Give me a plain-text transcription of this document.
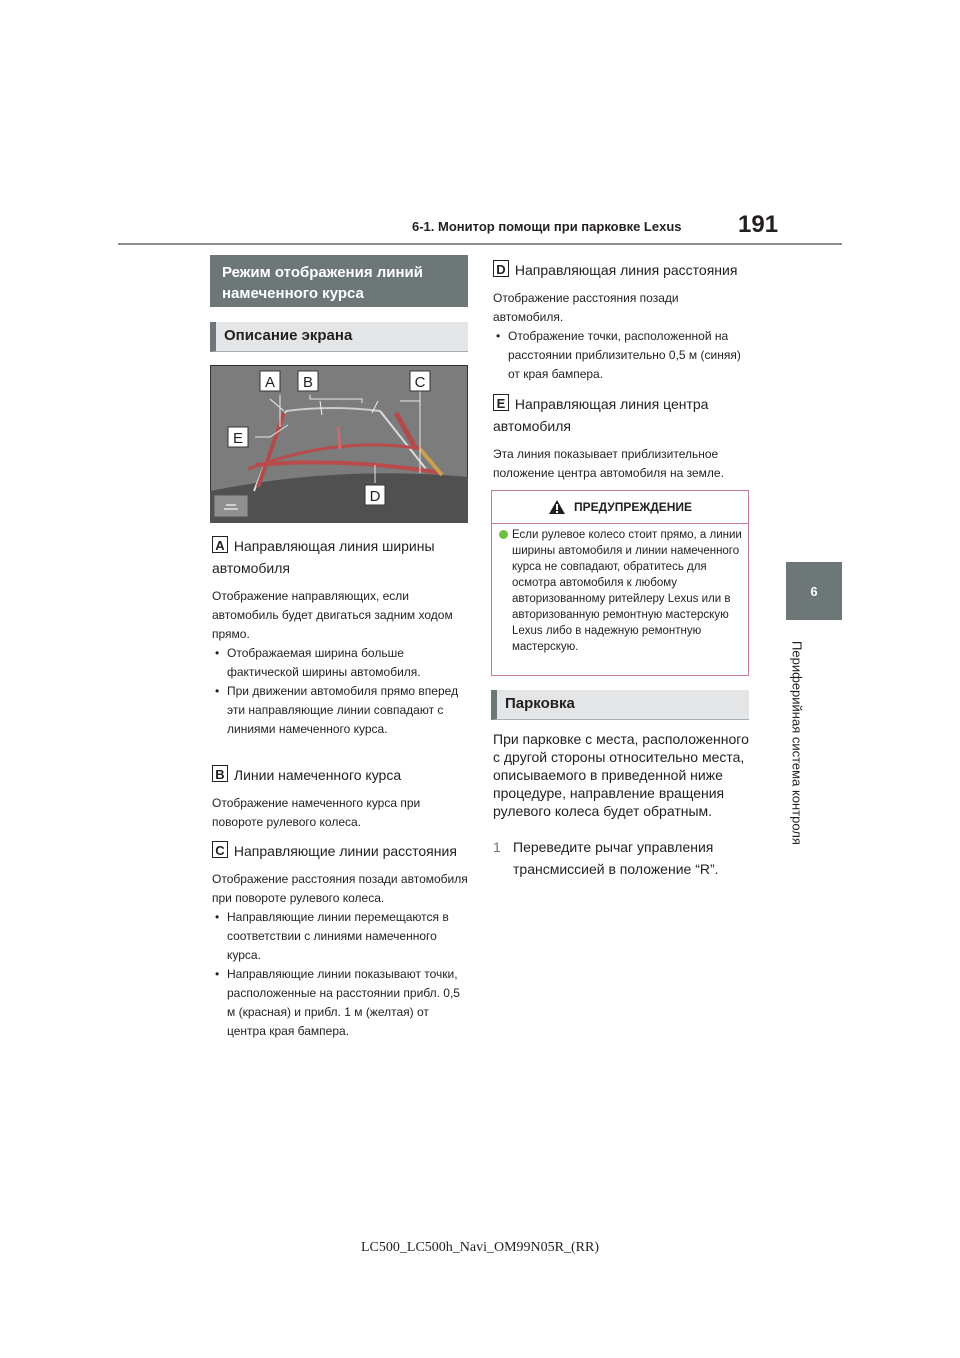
6-1. Монитор помощи при парковке Lexus 191
6
Периферийная система контроля
Режим отображения линий намеченного курса
Описание экрана
A B	C
E
D
A Направляющая линия ширины автомобиля
Отображение направляющих, если автомобиль будет двигаться задним ходом прямо.
• Отображаемая ширина больше фактической ширины автомобиля.
• При движении автомобиля прямо вперед эти направляющие линии совпадают с линиями намеченного курса.
B Линии намеченного курса
Отображение намеченного курса при повороте рулевого колеса.
C Направляющие линии расстояния
Отображение расстояния позади автомобиля при повороте рулевого колеса.
• Направляющие линии перемещаются в соответствии с линиями намеченного курса.
• Направляющие линии показывают точки, расположенные на расстоянии прибл. 0,5 м (красная) и прибл. 1 м (желтая) от центра края бампера.
D Направляющая линия расстояния
Отображение расстояния позади автомобиля.
• Отображение точки, расположенной на расстоянии приблизительно 0,5 м (синяя) от края бампера.
E Направляющая линия центра автомобиля
Эта линия показывает приблизительное положение центра автомобиля на земле.
ПРЕДУПРЕЖДЕНИЕ
Если рулевое колесо стоит прямо, а линии ширины автомобиля и линии намеченного курса не совпадают, обратитесь для осмотра автомобиля к любому авторизованному ритейлеру Lexus или в авторизованную ремонтную мастерскую Lexus либо в надежную ремонтную мастерскую.
Парковка
При парковке с места, расположенного с другой стороны относительно места, описываемого в приведенной ниже процедуре, направление вращения рулевого колеса будет обратным.
1 Переведите рычаг управления трансмиссией в положение “R”.
LC500_LC500h_Navi_OM99N05R_(RR)
